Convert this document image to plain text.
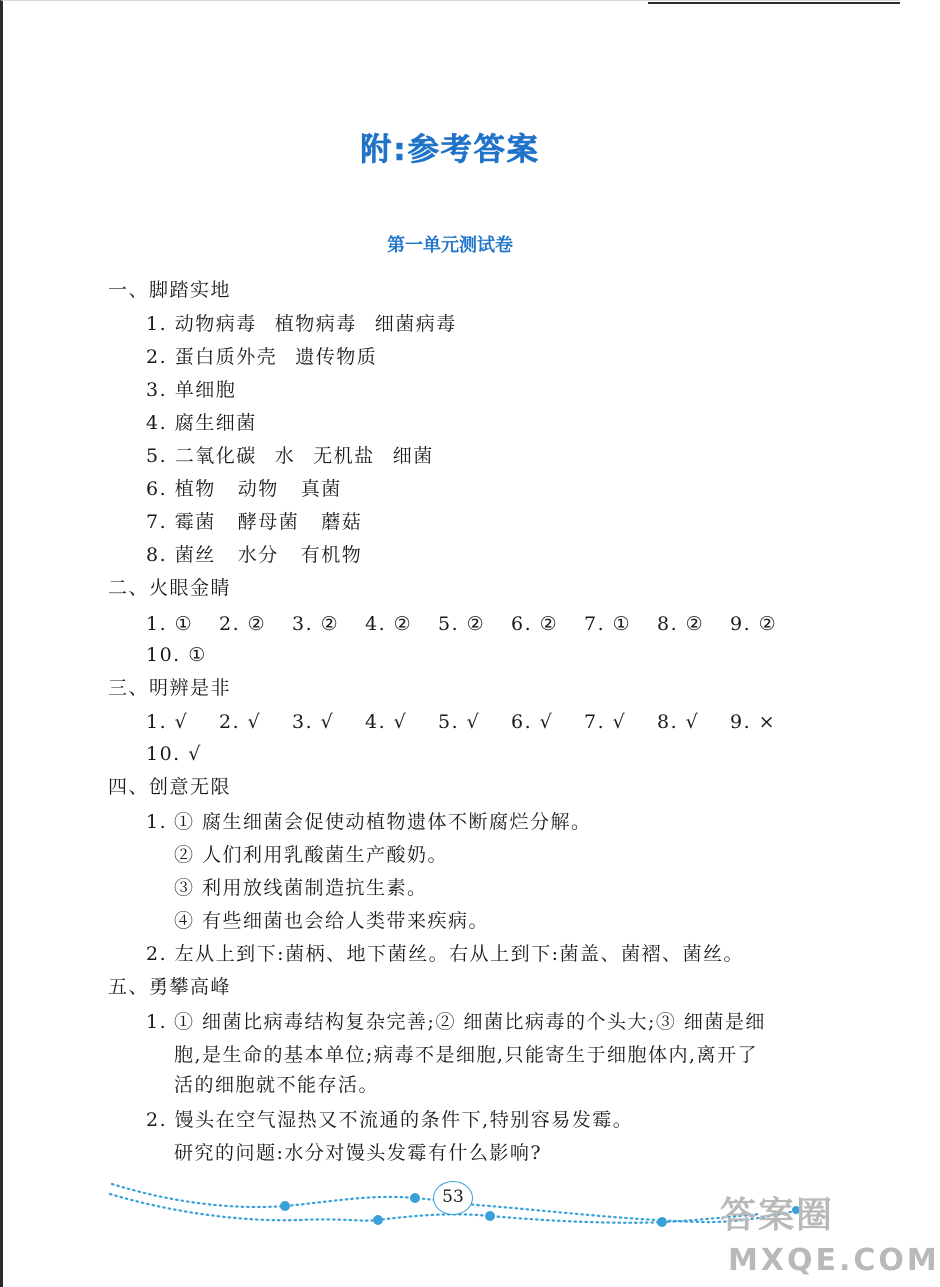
附:参考答案
第一单元测试卷
一、脚踏实地
1. 动物病毒 植物病毒 细菌病毒
2. 蛋白质外壳 遗传物质
3. 单细胞
4. 腐生细菌
5. 二氧化碳 水 无机盐 细菌
6. 植物 动物 真菌
7. 霉菌 酵母菌 蘑菇
8. 菌丝 水分 有机物
二、火眼金睛
1. ① 2. ② 3. ② 4. ② 5. ② 6. ② 7. ① 8. ② 9. ②
10. ①
三、明辨是非
1. √ 2. √ 3. √ 4. √ 5. √ 6. √ 7. √ 8. √ 9. ×
10. √
四、创意无限
1. ① 腐生细菌会促使动植物遗体不断腐烂分解。
② 人们利用乳酸菌生产酸奶。
③ 利用放线菌制造抗生素。
④ 有些细菌也会给人类带来疾病。
2. 左从上到下:菌柄、地下菌丝。右从上到下:菌盖、菌褶、菌丝。
五、勇攀高峰
1. ① 细菌比病毒结构复杂完善;② 细菌比病毒的个头大;③ 细菌是细
胞,是生命的基本单位;病毒不是细胞,只能寄生于细胞体内,离开了
活的细胞就不能存活。
2. 馒头在空气湿热又不流通的条件下,特别容易发霉。
研究的问题:水分对馒头发霉有什么影响?
53	答案圈
MXQE.COM
